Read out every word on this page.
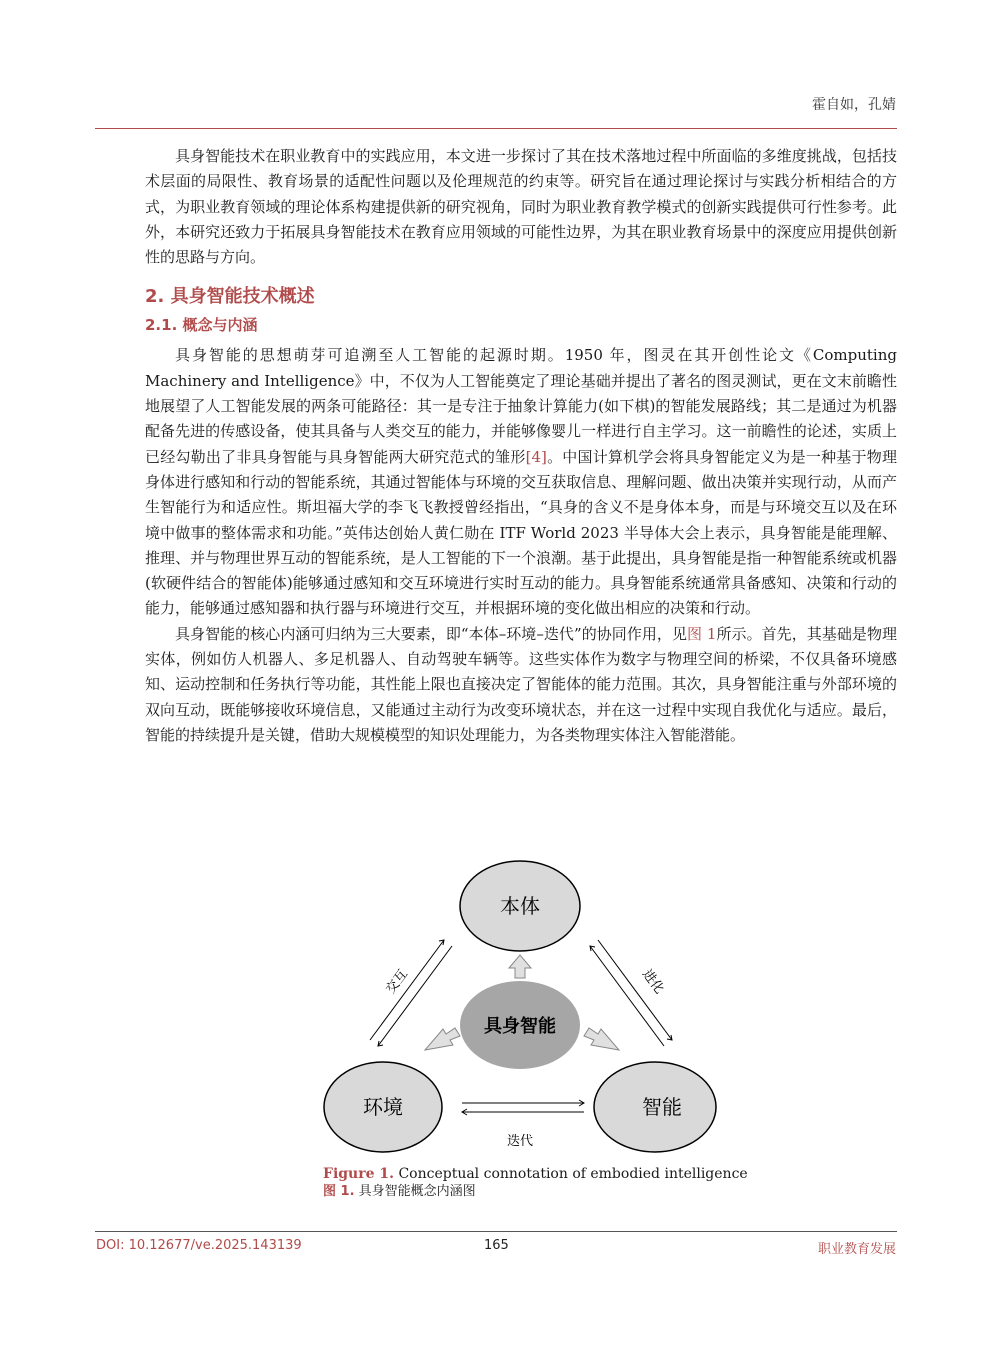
霍自如，孔婧

具身智能技术在职业教育中的实践应用，本文进一步探讨了其在技术落地过程中所面临的多维度挑战，包括技术层面的局限性、教育场景的适配性问题以及伦理规范的约束等。研究旨在通过理论探讨与实践分析相结合的方式，为职业教育领域的理论体系构建提供新的研究视角，同时为职业教育教学模式的创新实践提供可行性参考。此外，本研究还致力于拓展具身智能技术在教育应用领域的可能性边界，为其在职业教育场景中的深度应用提供创新性的思路与方向。

2. 具身智能技术概述
2.1. 概念与内涵

具身智能的思想萌芽可追溯至人工智能的起源时期。1950 年，图灵在其开创性论文《Computing Machinery and Intelligence》中，不仅为人工智能奠定了理论基础并提出了著名的图灵测试，更在文末前瞻性地展望了人工智能发展的两条可能路径：其一是专注于抽象计算能力(如下棋)的智能发展路线；其二是通过为机器配备先进的传感设备，使其具备与人类交互的能力，并能够像婴儿一样进行自主学习。这一前瞻性的论述，实质上已经勾勒出了非具身智能与具身智能两大研究范式的雏形[4]。中国计算机学会将具身智能定义为是一种基于物理身体进行感知和行动的智能系统，其通过智能体与环境的交互获取信息、理解问题、做出决策并实现行动，从而产生智能行为和适应性。斯坦福大学的李飞飞教授曾经指出，“具身的含义不是身体本身，而是与环境交互以及在环境中做事的整体需求和功能。”英伟达创始人黄仁勋在 ITF World 2023 半导体大会上表示，具身智能是能理解、推理、并与物理世界互动的智能系统，是人工智能的下一个浪潮。基于此提出，具身智能是指一种智能系统或机器(软硬件结合的智能体)能够通过感知和交互环境进行实时互动的能力。具身智能系统通常具备感知、决策和行动的能力，能够通过感知器和执行器与环境进行交互，并根据环境的变化做出相应的决策和行动。

具身智能的核心内涵可归纳为三大要素，即“本体–环境–迭代”的协同作用，见图 1所示。首先，其基础是物理实体，例如仿人机器人、多足机器人、自动驾驶车辆等。这些实体作为数字与物理空间的桥梁，不仅具备环境感知、运动控制和任务执行等功能，其性能上限也直接决定了智能体的能力范围。其次，具身智能注重与外部环境的双向互动，既能够接收环境信息，又能通过主动行为改变环境状态，并在这一过程中实现自我优化与适应。最后，智能的持续提升是关键，借助大规模模型的知识处理能力，为各类物理实体注入智能潜能。

本体
环境	智能
具身智能
交互	进化
迭代
Figure 1. Conceptual connotation of embodied intelligence
图 1. 具身智能概念内涵图
DOI: 10.12677/ve.2025.143139	165	职业教育发展
